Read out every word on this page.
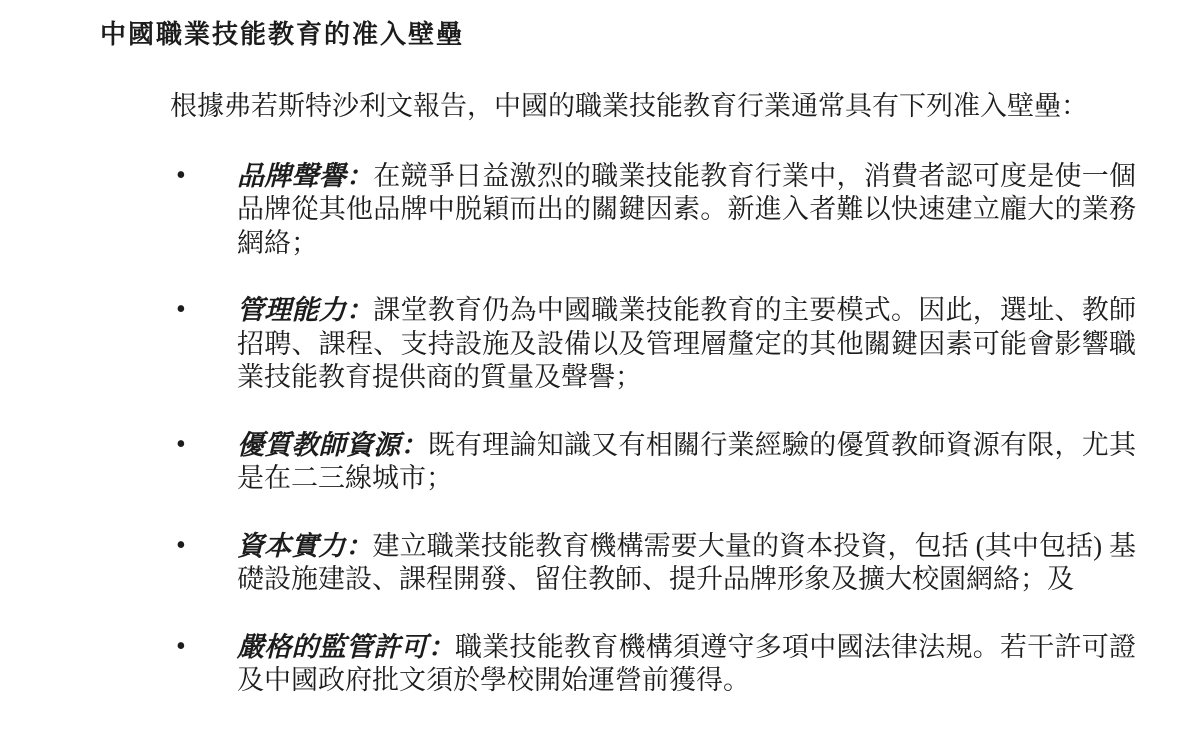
中國職業技能教育的准入壁壘

根據弗若斯特沙利文報告，中國的職業技能教育行業通常具有下列准入壁壘：

• 品牌聲譽：在競爭日益激烈的職業技能教育行業中，消費者認可度是使一個品牌從其他品牌中脱穎而出的關鍵因素。新進入者難以快速建立龐大的業務網絡；
• 管理能力：課堂教育仍為中國職業技能教育的主要模式。因此，選址、教師招聘、課程、支持設施及設備以及管理層釐定的其他關鍵因素可能會影響職業技能教育提供商的質量及聲譽；
• 優質教師資源：既有理論知識又有相關行業經驗的優質教師資源有限，尤其是在二三線城市；
• 資本實力：建立職業技能教育機構需要大量的資本投資，包括 (其中包括) 基礎設施建設、課程開發、留住教師、提升品牌形象及擴大校園網絡；及
• 嚴格的監管許可：職業技能教育機構須遵守多項中國法律法規。若干許可證及中國政府批文須於學校開始運營前獲得。
